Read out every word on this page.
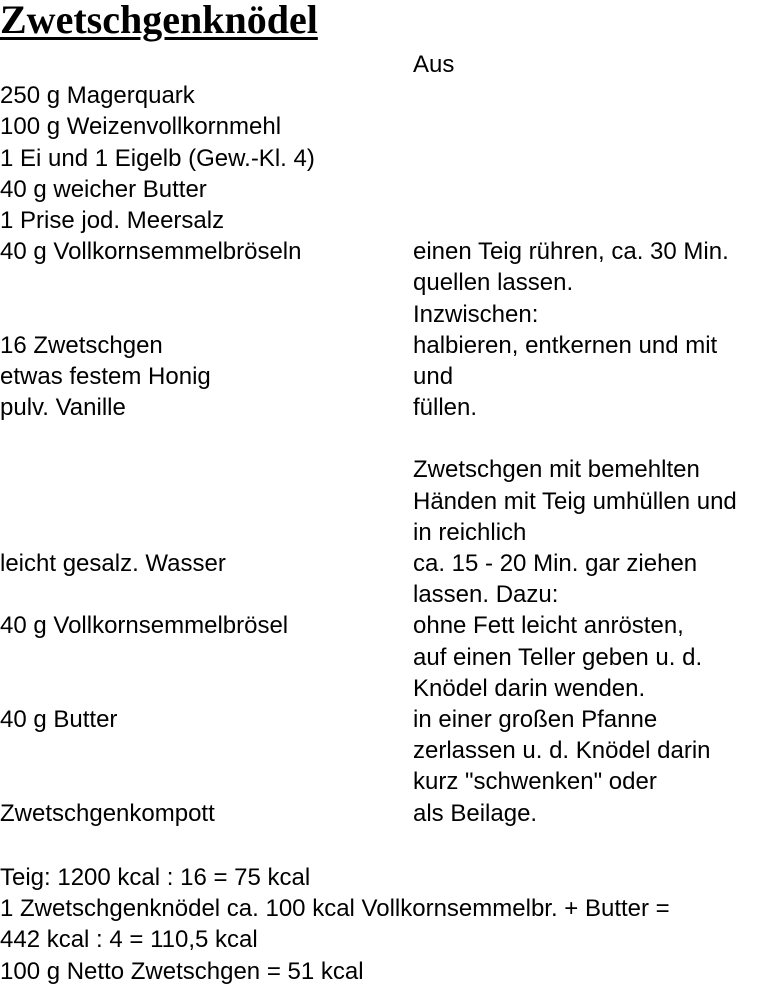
Zwetschgenknödel
Aus
250 g Magerquark
100 g Weizenvollkornmehl
1 Ei und 1 Eigelb (Gew.-Kl. 4)
40 g weicher Butter
1 Prise jod. Meersalz
40 g Vollkornsemmelbröseln	einen Teig rühren, ca. 30 Min.
quellen lassen.
Inzwischen:
16 Zwetschgen	halbieren, entkernen und mit
etwas festem Honig	und
pulv. Vanille	füllen.
Zwetschgen mit bemehlten
Händen mit Teig umhüllen und
in reichlich
leicht gesalz. Wasser	ca. 15 - 20 Min. gar ziehen
lassen. Dazu:
40 g Vollkornsemmelbrösel	ohne Fett leicht anrösten,
auf einen Teller geben u. d.
Knödel darin wenden.
40 g Butter	in einer großen Pfanne
zerlassen u. d. Knödel darin
kurz "schwenken" oder
Zwetschgenkompott	als Beilage.
Teig: 1200 kcal : 16 = 75 kcal
1 Zwetschgenknödel ca. 100 kcal Vollkornsemmelbr. + Butter =
442 kcal : 4 = 110,5 kcal
100 g Netto Zwetschgen = 51 kcal
